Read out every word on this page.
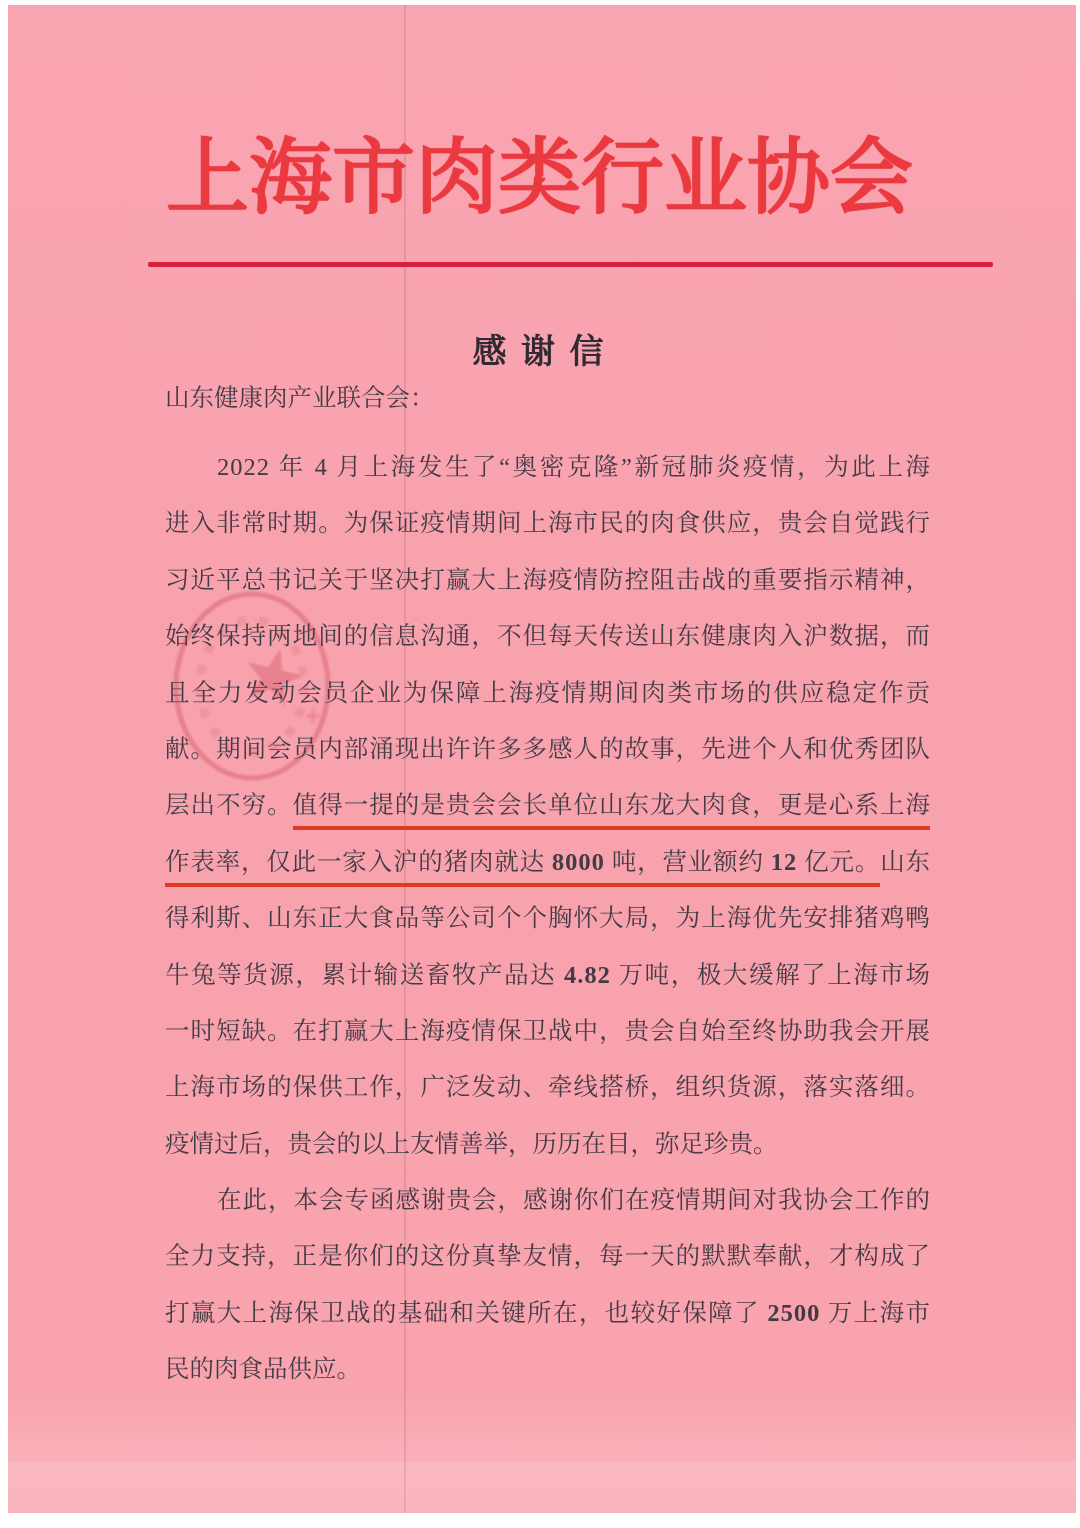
上海市肉类行业协会
感 谢 信
山东健康肉产业联合会：
2022 年 4 月上海发生了“奥密克隆”新冠肺炎疫情，为此上海
进入非常时期。为保证疫情期间上海市民的肉食供应，贵会自觉践行
习近平总书记关于坚决打赢大上海疫情防控阻击战的重要指示精神，
始终保持两地间的信息沟通，不但每天传送山东健康肉入沪数据，而
且全力发动会员企业为保障上海疫情期间肉类市场的供应稳定作贡
献。期间会员内部涌现出许许多多感人的故事，先进个人和优秀团队
层出不穷。值得一提的是贵会会长单位山东龙大肉食，更是心系上海
作表率，仅此一家入沪的猪肉就达 8000 吨，营业额约 12 亿元。山东
得利斯、山东正大食品等公司个个胸怀大局，为上海优先安排猪鸡鸭
牛兔等货源，累计输送畜牧产品达 4.82 万吨，极大缓解了上海市场
一时短缺。在打赢大上海疫情保卫战中，贵会自始至终协助我会开展
上海市场的保供工作，广泛发动、牵线搭桥，组织货源，落实落细。
疫情过后，贵会的以上友情善举，历历在目，弥足珍贵。
在此，本会专函感谢贵会，感谢你们在疫情期间对我协会工作的
全力支持，正是你们的这份真挚友情，每一天的默默奉献，才构成了
打赢大上海保卫战的基础和关键所在，也较好保障了 2500 万上海市
民的肉食品供应。
